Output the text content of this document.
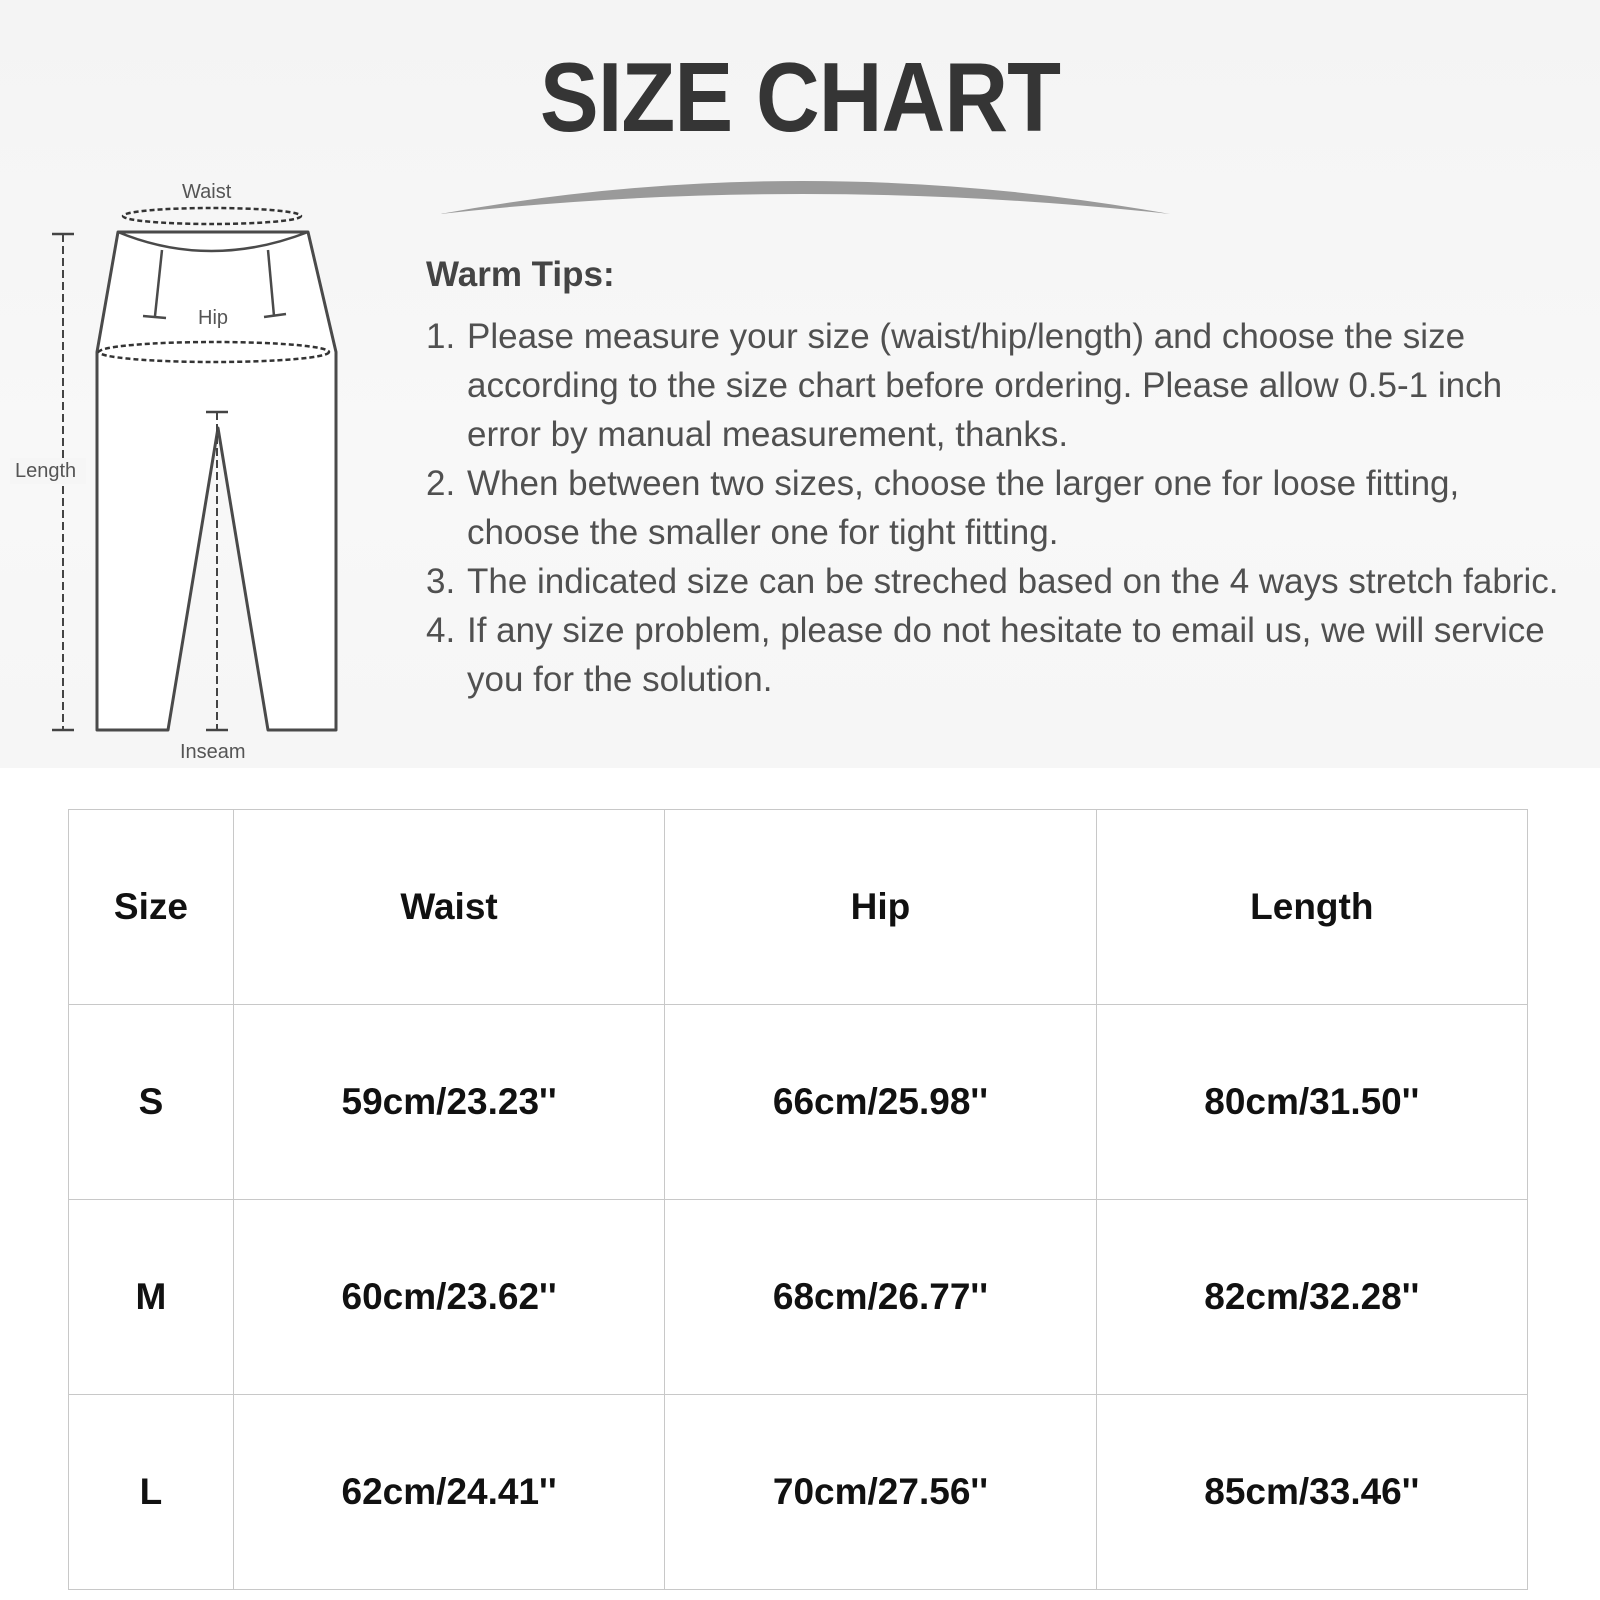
SIZE CHART
Waist
Hip
Length
Inseam
Warm Tips:
1. Please measure your size (waist/hip/length) and choose the size according to the size chart before ordering. Please allow 0.5-1 inch error by manual measurement, thanks.
2. When between two sizes, choose the larger one for loose fitting, choose the smaller one for tight fitting.
3. The indicated size can be streched based on the 4 ways stretch fabric.
4. If any size problem, please do not hesitate to email us, we will service you for the solution.
Size	Waist	Hip	Length
S	59cm/23.23''	66cm/25.98''	80cm/31.50''
M	60cm/23.62''	68cm/26.77''	82cm/32.28''
L	62cm/24.41''	70cm/27.56''	85cm/33.46''
